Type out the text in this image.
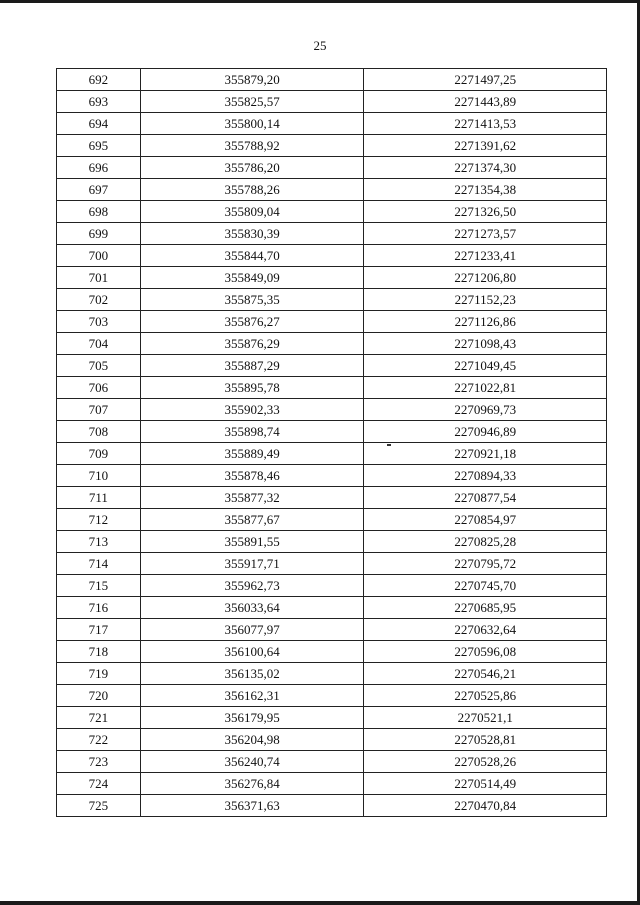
25
692	355879,20	2271497,25
693	355825,57	2271443,89
694	355800,14	2271413,53
695	355788,92	2271391,62
696	355786,20	2271374,30
697	355788,26	2271354,38
698	355809,04	2271326,50
699	355830,39	2271273,57
700	355844,70	2271233,41
701	355849,09	2271206,80
702	355875,35	2271152,23
703	355876,27	2271126,86
704	355876,29	2271098,43
705	355887,29	2271049,45
706	355895,78	2271022,81
707	355902,33	2270969,73
708	355898,74	2270946,89
709	355889,49	2270921,18
710	355878,46	2270894,33
711	355877,32	2270877,54
712	355877,67	2270854,97
713	355891,55	2270825,28
714	355917,71	2270795,72
715	355962,73	2270745,70
716	356033,64	2270685,95
717	356077,97	2270632,64
718	356100,64	2270596,08
719	356135,02	2270546,21
720	356162,31	2270525,86
721	356179,95	2270521,1
722	356204,98	2270528,81
723	356240,74	2270528,26
724	356276,84	2270514,49
725	356371,63	2270470,84
